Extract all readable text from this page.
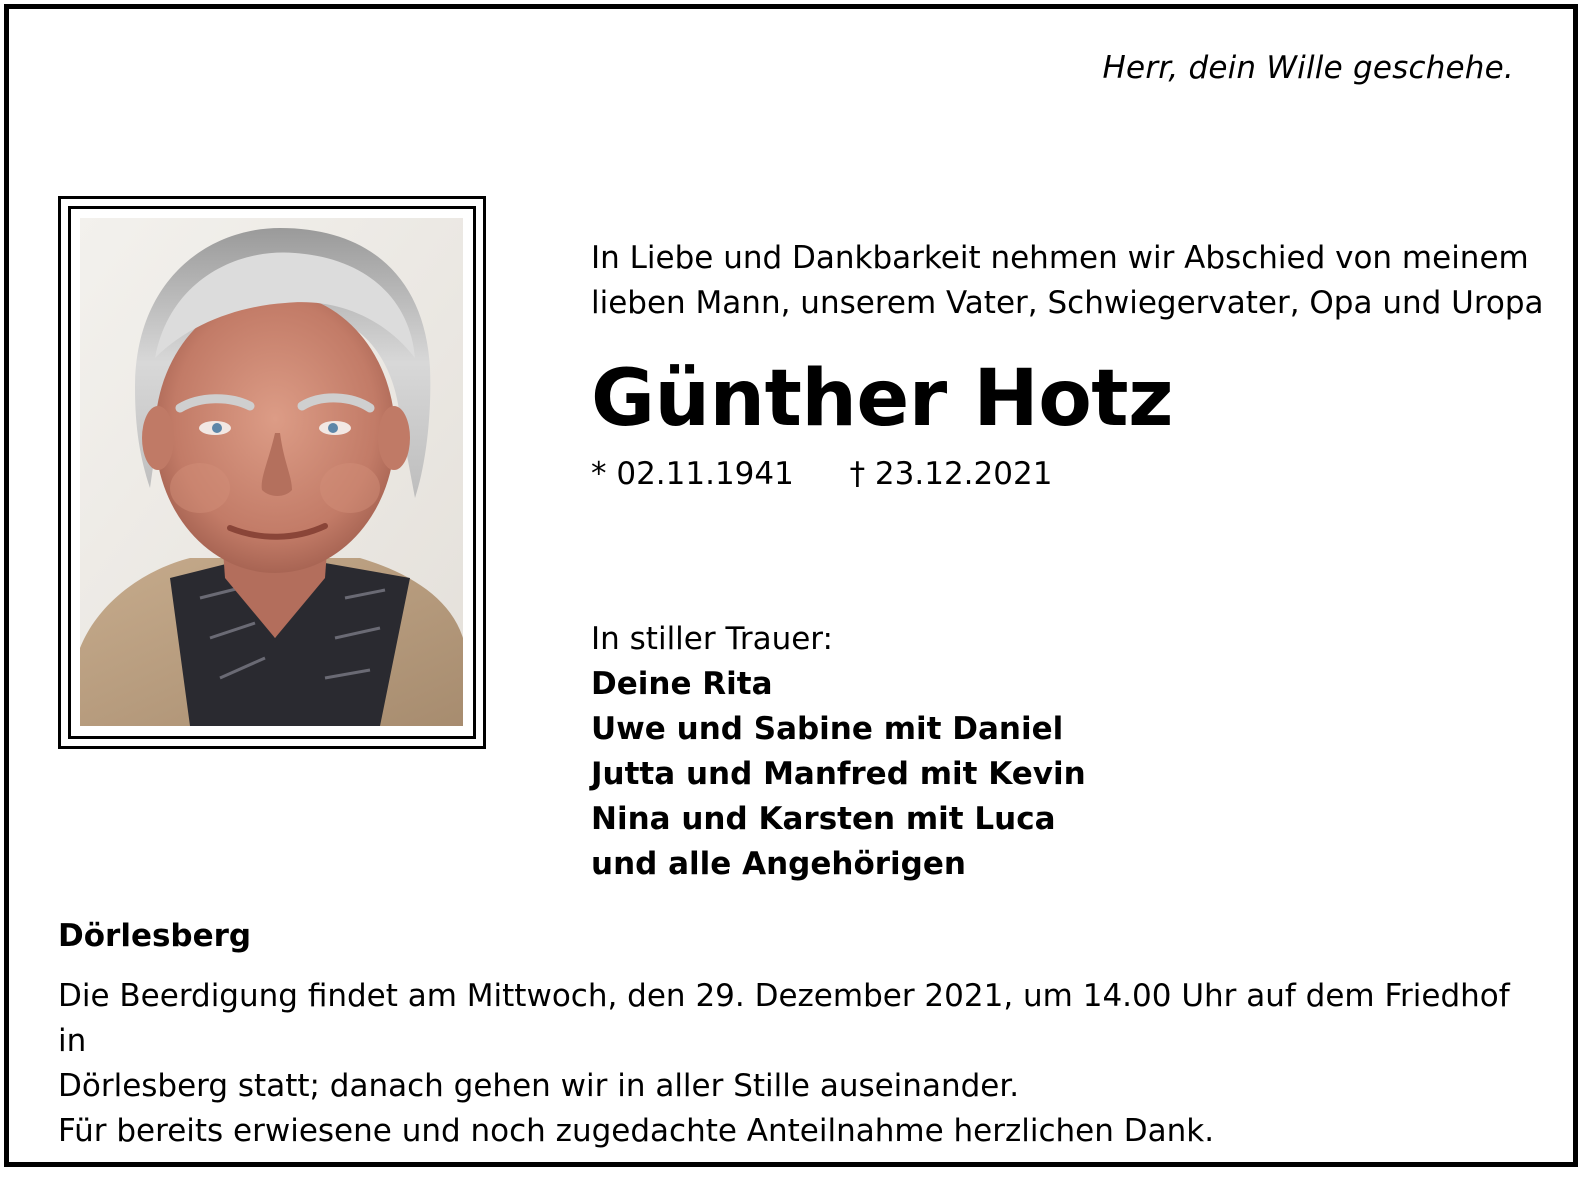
Herr, dein Wille geschehe.
In Liebe und Dankbarkeit nehmen wir Abschied von meinem
lieben Mann, unserem Vater, Schwiegervater, Opa und Uropa
Günther Hotz
* 02.11.1941 † 23.12.2021
In stiller Trauer:
Deine Rita
Uwe und Sabine mit Daniel
Jutta und Manfred mit Kevin
Nina und Karsten mit Luca
und alle Angehörigen
Dörlesberg
Die Beerdigung findet am Mittwoch, den 29. Dezember 2021, um 14.00 Uhr auf dem Friedhof in
Dörlesberg statt; danach gehen wir in aller Stille auseinander.
Für bereits erwiesene und noch zugedachte Anteilnahme herzlichen Dank.
